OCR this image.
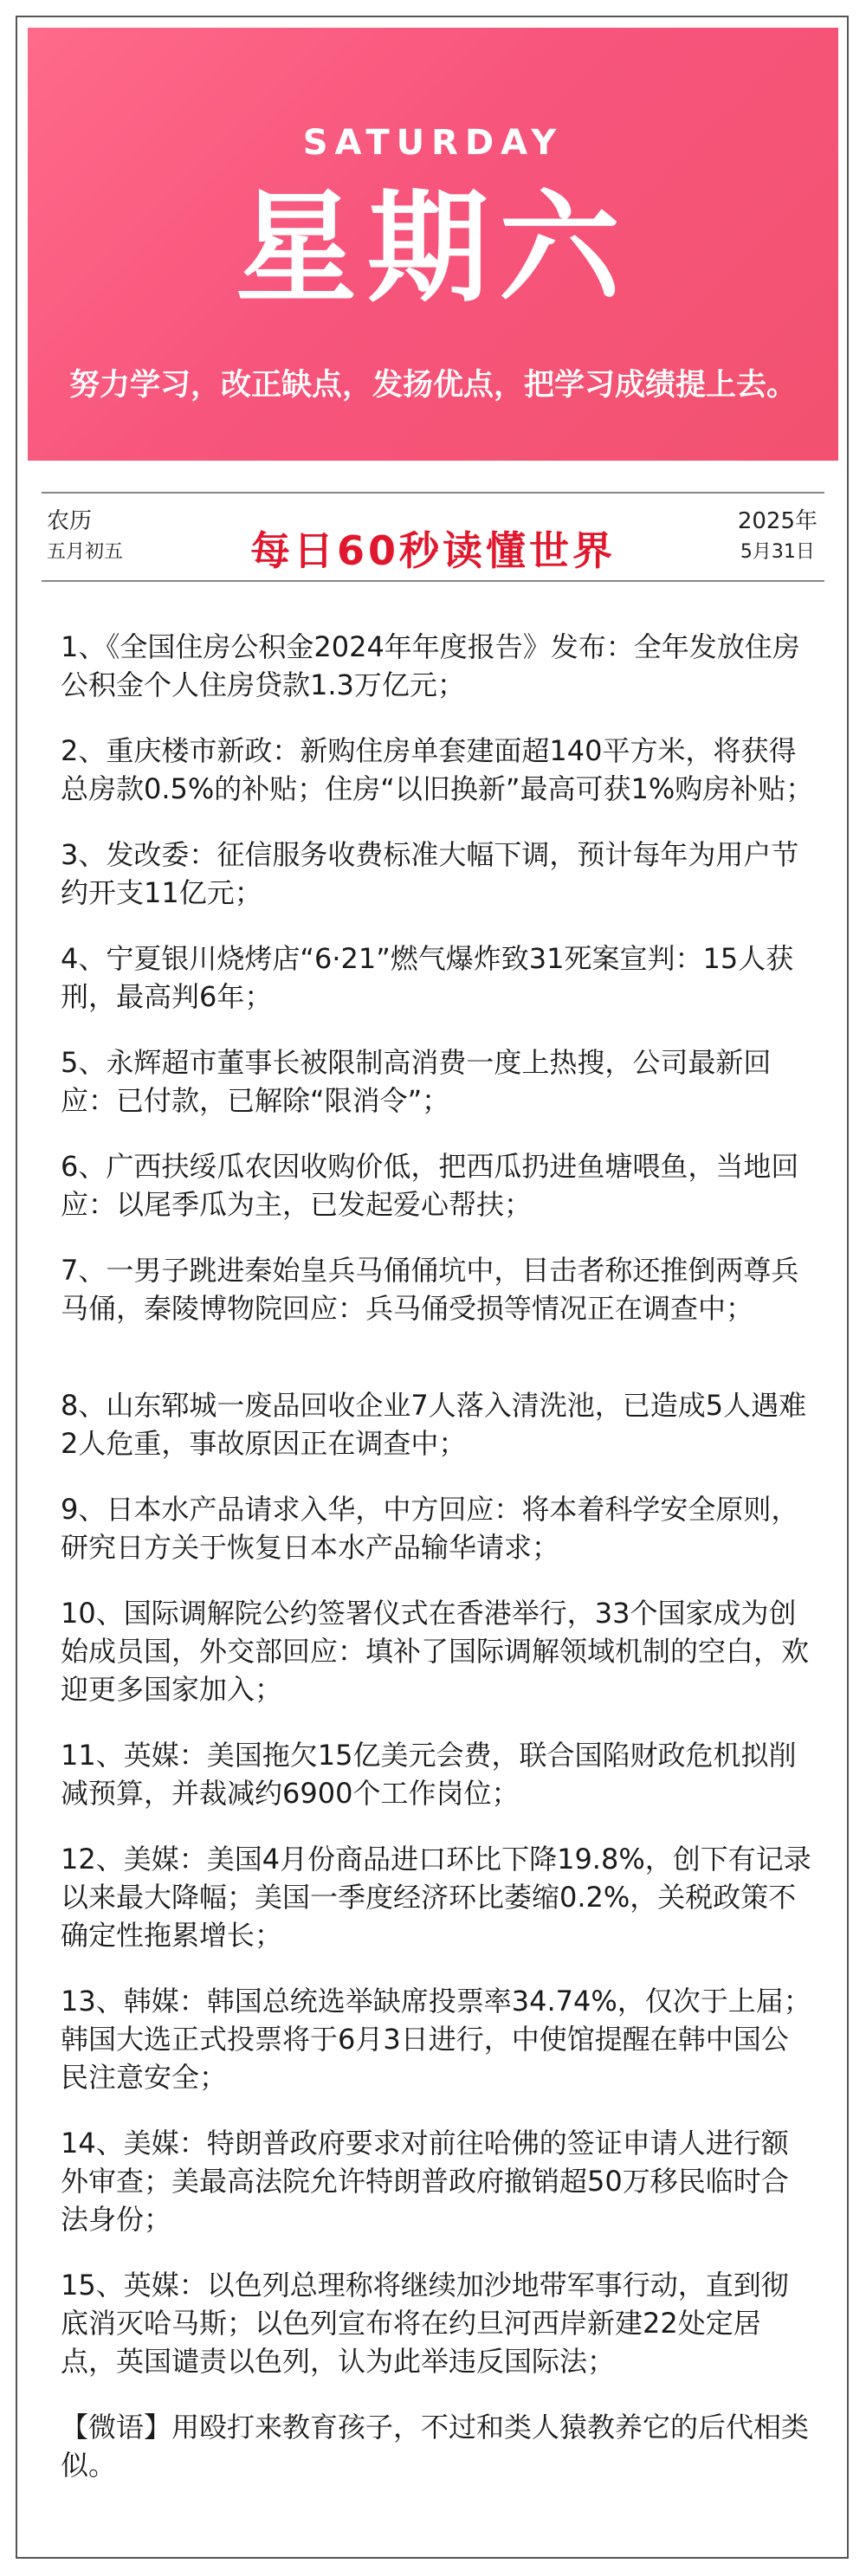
SATURDAY
星期六
努力学习，改正缺点，发扬优点，把学习成绩提上去。
农历
五月初五	每日60秒读懂世界
2025年
5月31日
1、《全国住房公积金2024年年度报告》发布：全年发放住房公积金个人住房贷款1.3万亿元；
2、重庆楼市新政：新购住房单套建面超140平方米，将获得总房款0.5%的补贴；住房“以旧换新”最高可获1%购房补贴；
3、发改委：征信服务收费标准大幅下调，预计每年为用户节约开支11亿元；
4、宁夏银川烧烤店“6·21”燃气爆炸致31死案宣判：15人获刑，最高判6年；
5、永辉超市董事长被限制高消费一度上热搜，公司最新回应：已付款，已解除“限消令”；
6、广西扶绥瓜农因收购价低，把西瓜扔进鱼塘喂鱼，当地回应：以尾季瓜为主，已发起爱心帮扶；
7、一男子跳进秦始皇兵马俑俑坑中，目击者称还推倒两尊兵马俑，秦陵博物院回应：兵马俑受损等情况正在调查中；
8、山东郓城一废品回收企业7人落入清洗池，已造成5人遇难2人危重，事故原因正在调查中；
9、日本水产品请求入华，中方回应：将本着科学安全原则，研究日方关于恢复日本水产品输华请求；
10、国际调解院公约签署仪式在香港举行，33个国家成为创始成员国，外交部回应：填补了国际调解领域机制的空白，欢迎更多国家加入；
11、英媒：美国拖欠15亿美元会费，联合国陷财政危机拟削减预算，并裁减约6900个工作岗位；
12、美媒：美国4月份商品进口环比下降19.8%，创下有记录以来最大降幅；美国一季度经济环比萎缩0.2%，关税政策不确定性拖累增长；
13、韩媒：韩国总统选举缺席投票率34.74%，仅次于上届；韩国大选正式投票将于6月3日进行，中使馆提醒在韩中国公民注意安全；
14、美媒：特朗普政府要求对前往哈佛的签证申请人进行额外审查；美最高法院允许特朗普政府撤销超50万移民临时合法身份；
15、英媒：以色列总理称将继续加沙地带军事行动，直到彻底消灭哈马斯；以色列宣布将在约旦河西岸新建22处定居点，英国谴责以色列，认为此举违反国际法；
【微语】用殴打来教育孩子，不过和类人猿教养它的后代相类似。
